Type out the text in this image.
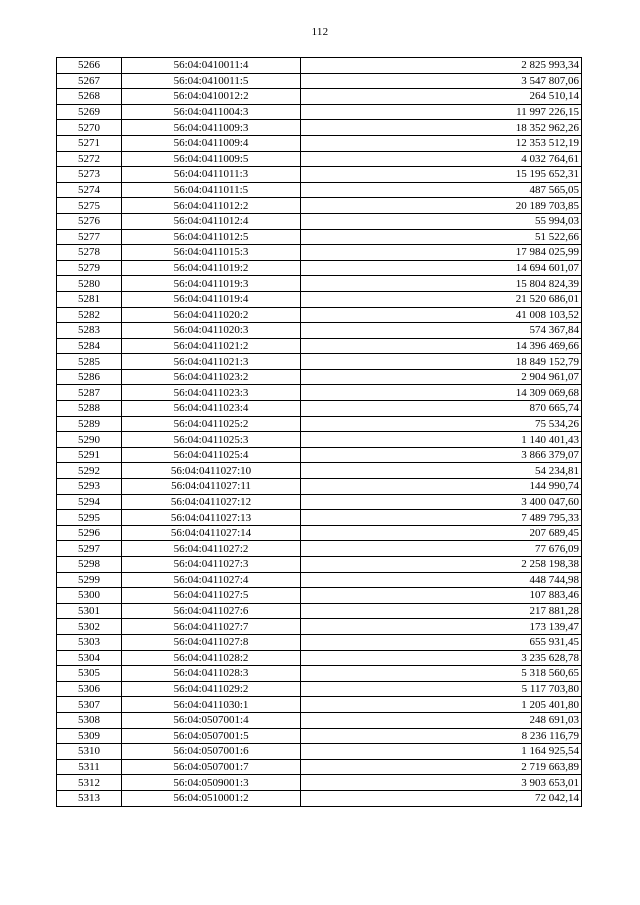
112
5266	56:04:0410011:4	2 825 993,34
5267	56:04:0410011:5	3 547 807,06
5268	56:04:0410012:2	264 510,14
5269	56:04:0411004:3	11 997 226,15
5270	56:04:0411009:3	18 352 962,26
5271	56:04:0411009:4	12 353 512,19
5272	56:04:0411009:5	4 032 764,61
5273	56:04:0411011:3	15 195 652,31
5274	56:04:0411011:5	487 565,05
5275	56:04:0411012:2	20 189 703,85
5276	56:04:0411012:4	55 994,03
5277	56:04:0411012:5	51 522,66
5278	56:04:0411015:3	17 984 025,99
5279	56:04:0411019:2	14 694 601,07
5280	56:04:0411019:3	15 804 824,39
5281	56:04:0411019:4	21 520 686,01
5282	56:04:0411020:2	41 008 103,52
5283	56:04:0411020:3	574 367,84
5284	56:04:0411021:2	14 396 469,66
5285	56:04:0411021:3	18 849 152,79
5286	56:04:0411023:2	2 904 961,07
5287	56:04:0411023:3	14 309 069,68
5288	56:04:0411023:4	870 665,74
5289	56:04:0411025:2	75 534,26
5290	56:04:0411025:3	1 140 401,43
5291	56:04:0411025:4	3 866 379,07
5292	56:04:0411027:10	54 234,81
5293	56:04:0411027:11	144 990,74
5294	56:04:0411027:12	3 400 047,60
5295	56:04:0411027:13	7 489 795,33
5296	56:04:0411027:14	207 689,45
5297	56:04:0411027:2	77 676,09
5298	56:04:0411027:3	2 258 198,38
5299	56:04:0411027:4	448 744,98
5300	56:04:0411027:5	107 883,46
5301	56:04:0411027:6	217 881,28
5302	56:04:0411027:7	173 139,47
5303	56:04:0411027:8	655 931,45
5304	56:04:0411028:2	3 235 628,78
5305	56:04:0411028:3	5 318 560,65
5306	56:04:0411029:2	5 117 703,80
5307	56:04:0411030:1	1 205 401,80
5308	56:04:0507001:4	248 691,03
5309	56:04:0507001:5	8 236 116,79
5310	56:04:0507001:6	1 164 925,54
5311	56:04:0507001:7	2 719 663,89
5312	56:04:0509001:3	3 903 653,01
5313	56:04:0510001:2	72 042,14
